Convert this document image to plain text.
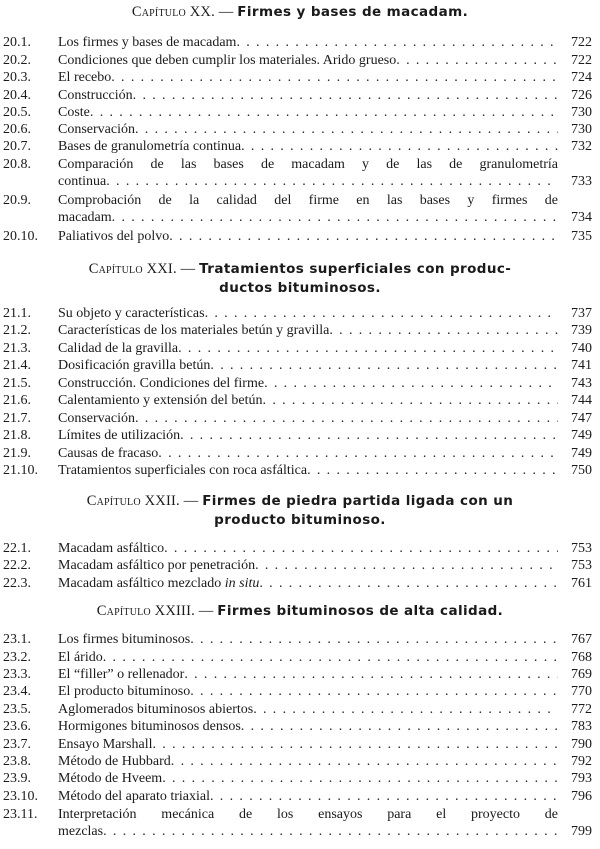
Capítulo XX. — Firmes y bases de macadam.
20.1. Los firmes y bases de macadam . . .	722
20.2. Condiciones que deben cumplir los materiales. Arido grueso . . .	722
20.3. El recebo . . .	724
20.4. Construcción . . .	726
20.5. Coste . . .	730
20.6. Conservación . . .	730
20.7. Bases de granulometría continua . . .	732
20.8. Comparación de las bases de macadam y de las de granulometría
continua . . .	733
20.9. Comprobación de la calidad del firme en las bases y firmes de
macadam . . .	734
20.10. Paliativos del polvo . . .	735
Capítulo XXI. — Tratamientos superficiales con produc-
ductos bituminosos.
21.1. Su objeto y características . . .	737
21.2. Características de los materiales betún y gravilla . . .	739
21.3. Calidad de la gravilla . . .	740
21.4. Dosificación gravilla betún . . .	741
21.5. Construcción. Condiciones del firme . . .	743
21.6. Calentamiento y extensión del betún . . .	744
21.7. Conservación . . .	747
21.8. Límites de utilización . . .	749
21.9. Causas de fracaso . . .	749
21.10. Tratamientos superficiales con roca asfáltica . . .	750
Capítulo XXII. — Firmes de piedra partida ligada con un
producto bituminoso.
22.1. Macadam asfáltico . . .	753
22.2. Macadam asfáltico por penetración . . .	753
22.3. Macadam asfáltico mezclado in situ . . .	761
Capítulo XXIII. — Firmes bituminosos de alta calidad.
23.1. Los firmes bituminosos . . .	767
23.2. El árido . . .	768
23.3. El “filler” o rellenador . . .	769
23.4. El producto bituminoso . . .	770
23.5. Aglomerados bituminosos abiertos . . .	772
23.6. Hormigones bituminosos densos . . .	783
23.7. Ensayo Marshall . . .	790
23.8. Método de Hubbard . . .	792
23.9. Método de Hveem . . .	793
23.10. Método del aparato triaxial . . .	796
23.11. Interpretación mecánica de los ensayos para el proyecto de
mezclas . . .	799
